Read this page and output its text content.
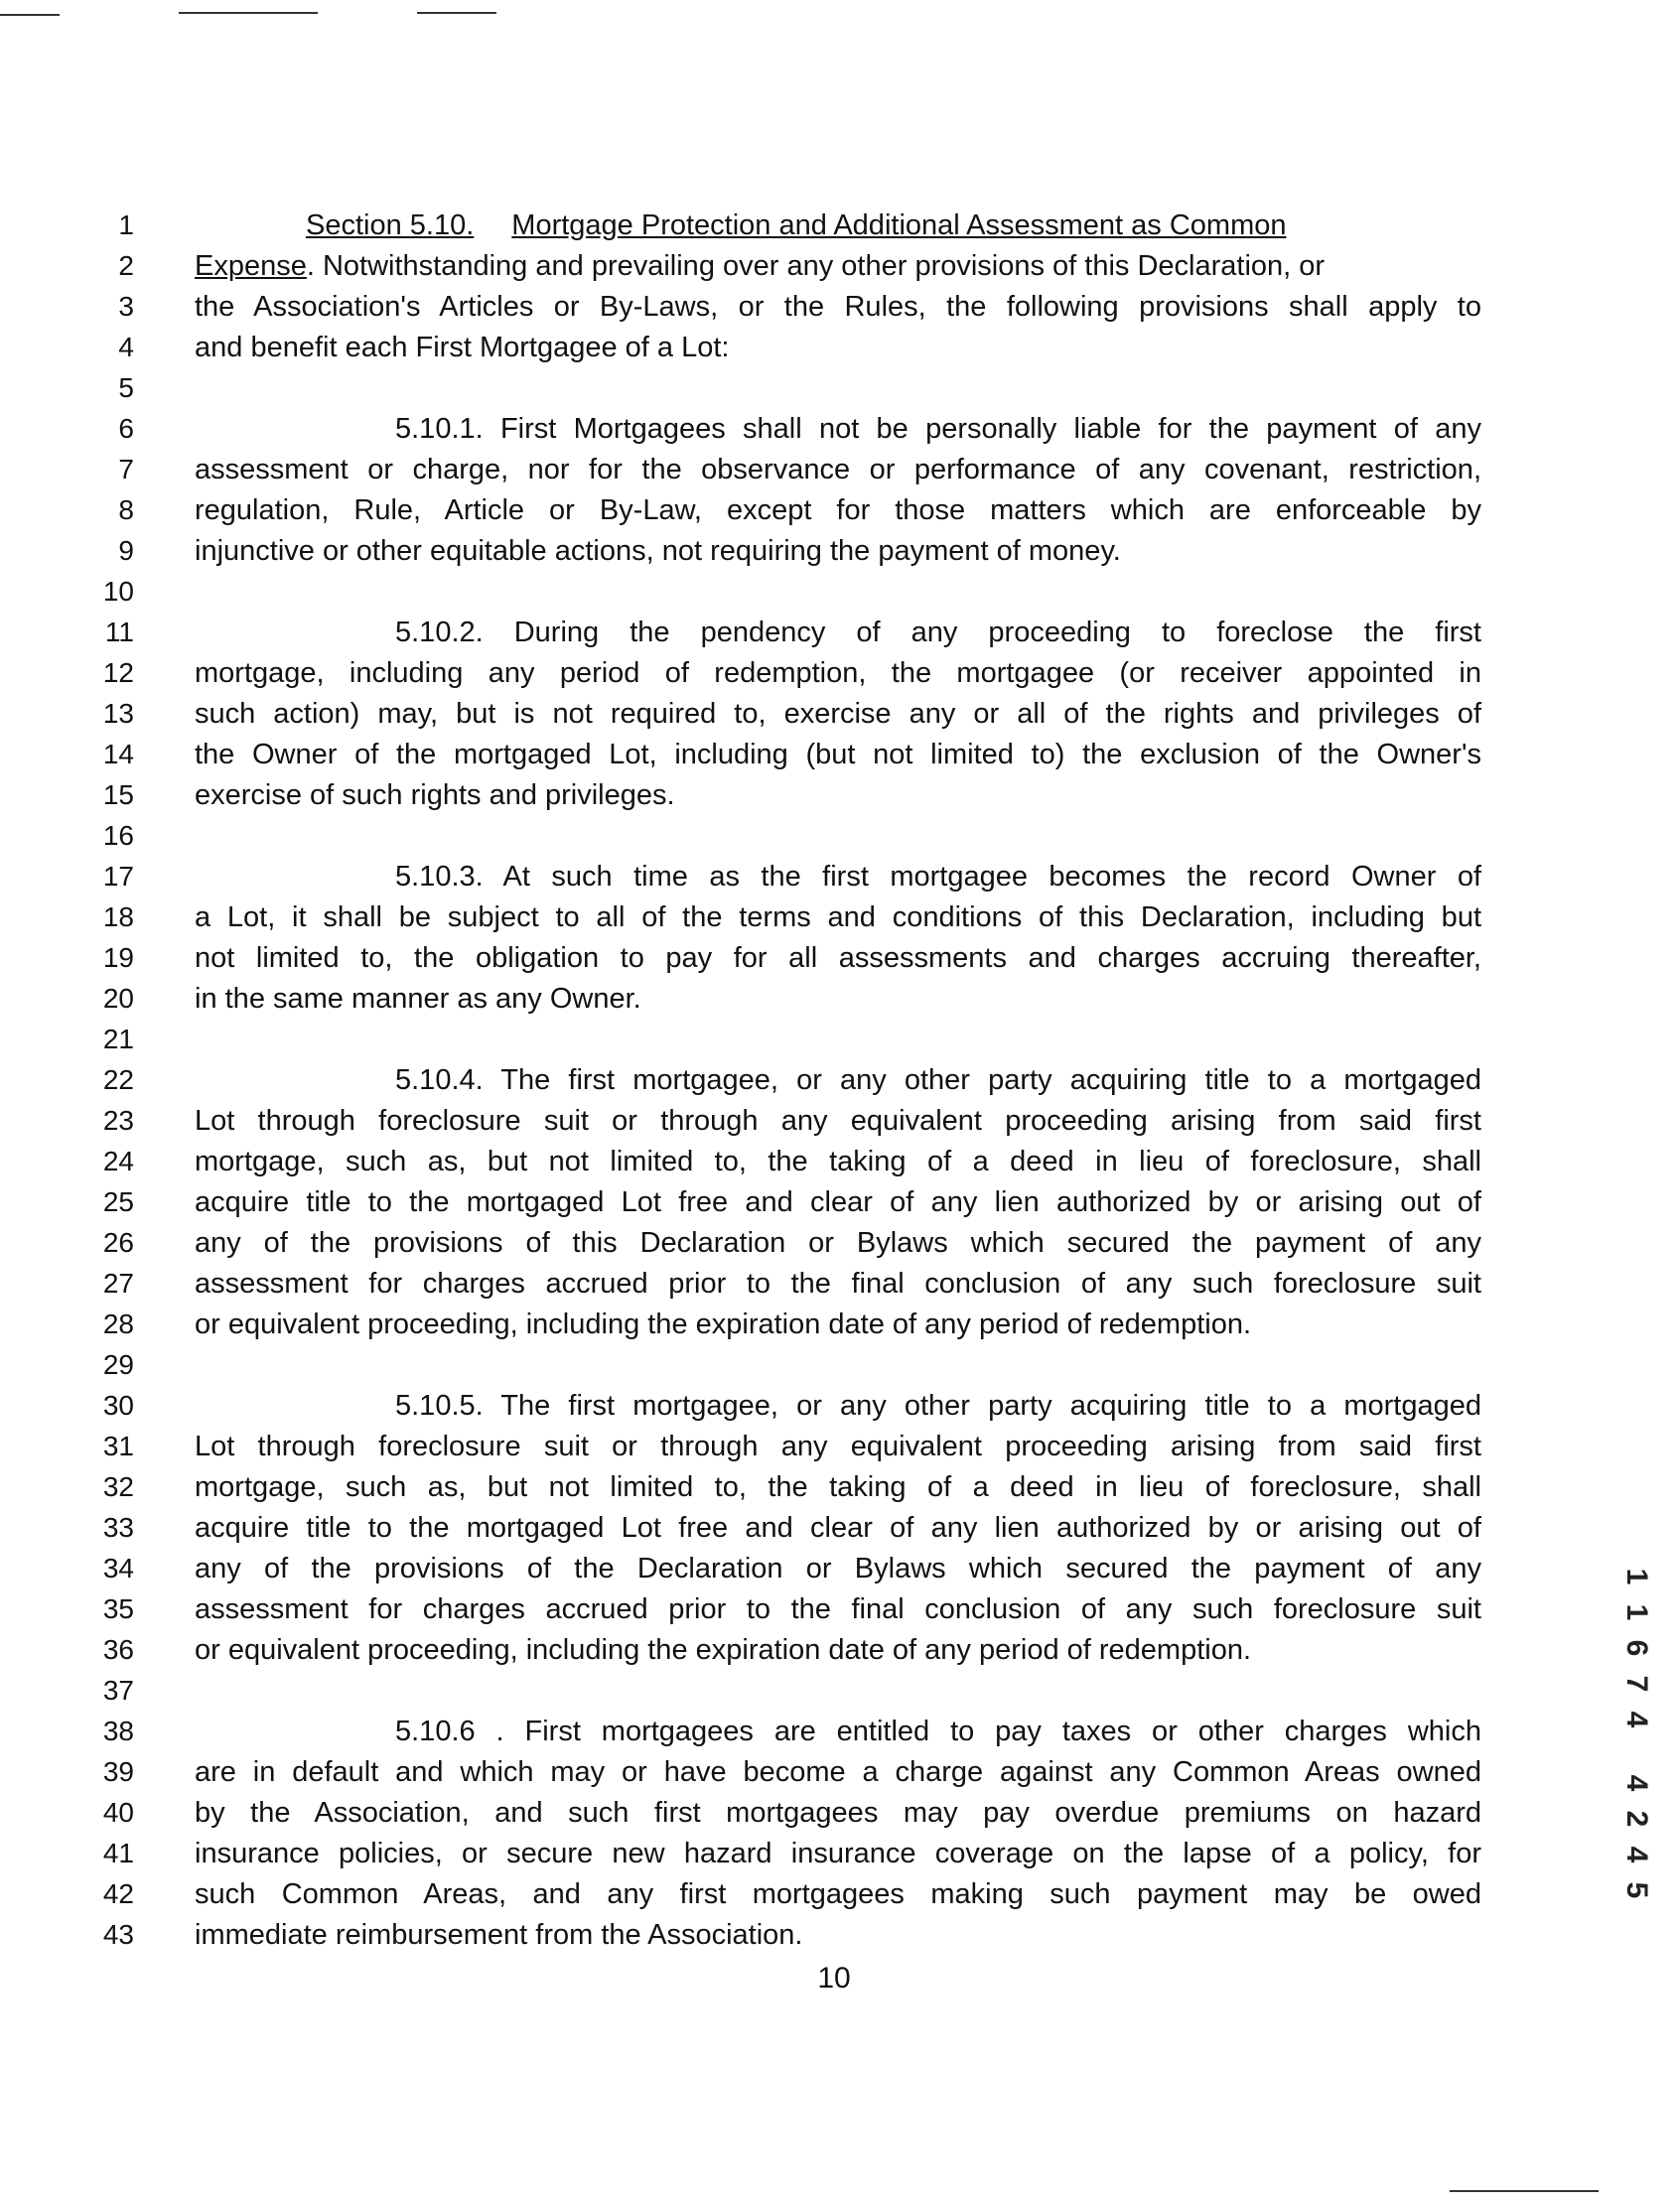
1	Section 5.10. Mortgage Protection and Additional Assessment as Common
2 Expense. Notwithstanding and prevailing over any other provisions of this Declaration, or
3 the Association's Articles or By-Laws, or the Rules, the following provisions shall apply to
4 and benefit each First Mortgagee of a Lot:
5
6	5.10.1. First Mortgagees shall not be personally liable for the payment of any
7 assessment or charge, nor for the observance or performance of any covenant, restriction,
8 regulation, Rule, Article or By-Law, except for those matters which are enforceable by
9 injunctive or other equitable actions, not requiring the payment of money.
10
11	5.10.2. During the pendency of any proceeding to foreclose the first
12 mortgage, including any period of redemption, the mortgagee (or receiver appointed in
13 such action) may, but is not required to, exercise any or all of the rights and privileges of
14 the Owner of the mortgaged Lot, including (but not limited to) the exclusion of the Owner's
15 exercise of such rights and privileges.
16
17	5.10.3. At such time as the first mortgagee becomes the record Owner of
18 a Lot, it shall be subject to all of the terms and conditions of this Declaration, including but
19 not limited to, the obligation to pay for all assessments and charges accruing thereafter,
20 in the same manner as any Owner.
21
22	5.10.4. The first mortgagee, or any other party acquiring title to a mortgaged
23 Lot through foreclosure suit or through any equivalent proceeding arising from said first
24 mortgage, such as, but not limited to, the taking of a deed in lieu of foreclosure, shall
25 acquire title to the mortgaged Lot free and clear of any lien authorized by or arising out of
26 any of the provisions of this Declaration or Bylaws which secured the payment of any
27 assessment for charges accrued prior to the final conclusion of any such foreclosure suit
28 or equivalent proceeding, including the expiration date of any period of redemption.
29
30	5.10.5. The first mortgagee, or any other party acquiring title to a mortgaged
31 Lot through foreclosure suit or through any equivalent proceeding arising from said first
32 mortgage, such as, but not limited to, the taking of a deed in lieu of foreclosure, shall
33 acquire title to the mortgaged Lot free and clear of any lien authorized by or arising out of
34 any of the provisions of the Declaration or Bylaws which secured the payment of any
35 assessment for charges accrued prior to the final conclusion of any such foreclosure suit
36 or equivalent proceeding, including the expiration date of any period of redemption.
37
38	5.10.6 . First mortgagees are entitled to pay taxes or other charges which
39 are in default and which may or have become a charge against any Common Areas owned
40 by the Association, and such first mortgagees may pay overdue premiums on hazard
41 insurance policies, or secure new hazard insurance coverage on the lapse of a policy, for
42 such Common Areas, and any first mortgagees making such payment may be owed
43 immediate reimbursement from the Association.
10
1
1
6
7
4
4
2
4
5
